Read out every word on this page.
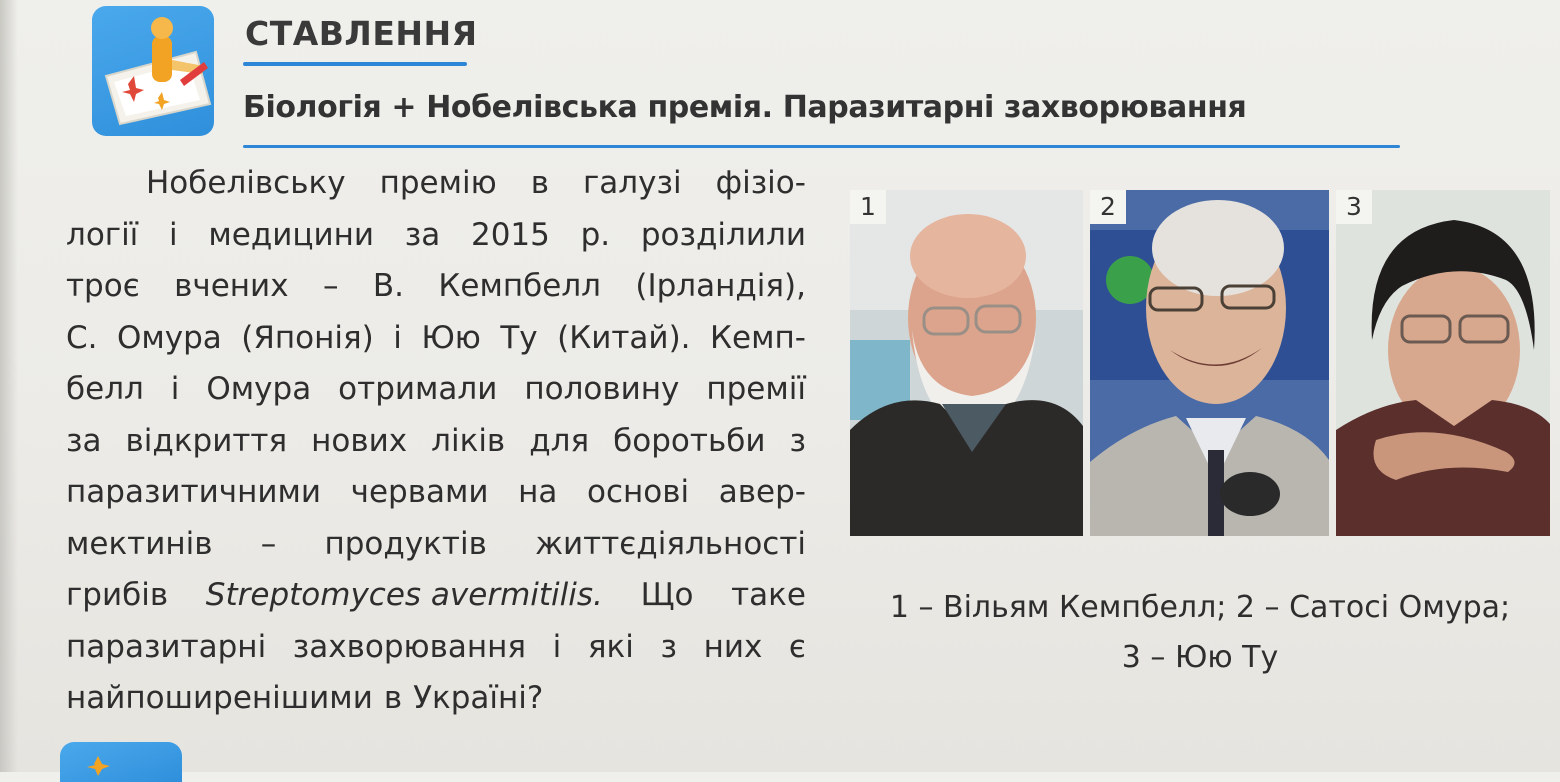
СТАВЛЕННЯ
Біологія + Нобелівська премія. Паразитарні захворювання
Нобелівську премію в галузі фізіо-
логії і медицини за 2015 р. розділили
троє вчених – В. Кемпбелл (Ірландія),
С. Омура (Японія) і Юю Ту (Китай). Кемп-
белл і Омура отримали половину премії
за відкриття нових ліків для боротьби з
паразитичними червами на основі авер-
мектинів – продуктів життєдіяльності
грибів Streptomyces avermitilis. Що таке
паразитарні захворювання і які з них є
найпоширенішими в Україні?
1	2	3
1 – Вільям Кемпбелл; 2 – Сатосі Омура;
3 – Юю Ту
